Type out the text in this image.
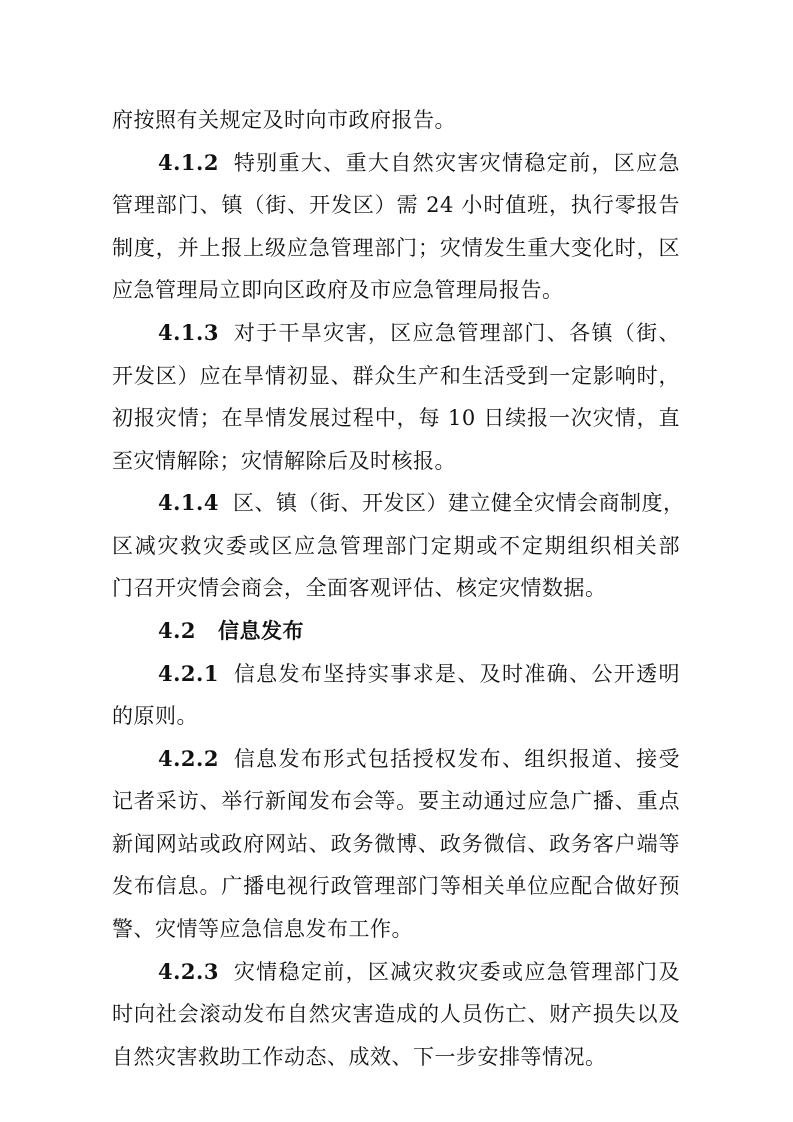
府按照有关规定及时向市政府报告。
4.1.2 特别重大、重大自然灾害灾情稳定前，区应急
管理部门、镇（街、开发区）需 24 小时值班，执行零报告
制度，并上报上级应急管理部门；灾情发生重大变化时，区
应急管理局立即向区政府及市应急管理局报告。
4.1.3 对于干旱灾害，区应急管理部门、各镇（街、
开发区）应在旱情初显、群众生产和生活受到一定影响时，
初报灾情；在旱情发展过程中，每 10 日续报一次灾情，直
至灾情解除；灾情解除后及时核报。
4.1.4 区、镇（街、开发区）建立健全灾情会商制度，
区减灾救灾委或区应急管理部门定期或不定期组织相关部
门召开灾情会商会，全面客观评估、核定灾情数据。
4.2 信息发布
4.2.1 信息发布坚持实事求是、及时准确、公开透明
的原则。
4.2.2 信息发布形式包括授权发布、组织报道、接受
记者采访、举行新闻发布会等。要主动通过应急广播、重点
新闻网站或政府网站、政务微博、政务微信、政务客户端等
发布信息。广播电视行政管理部门等相关单位应配合做好预
警、灾情等应急信息发布工作。
4.2.3 灾情稳定前，区减灾救灾委或应急管理部门及
时向社会滚动发布自然灾害造成的人员伤亡、财产损失以及
自然灾害救助工作动态、成效、下一步安排等情况。
